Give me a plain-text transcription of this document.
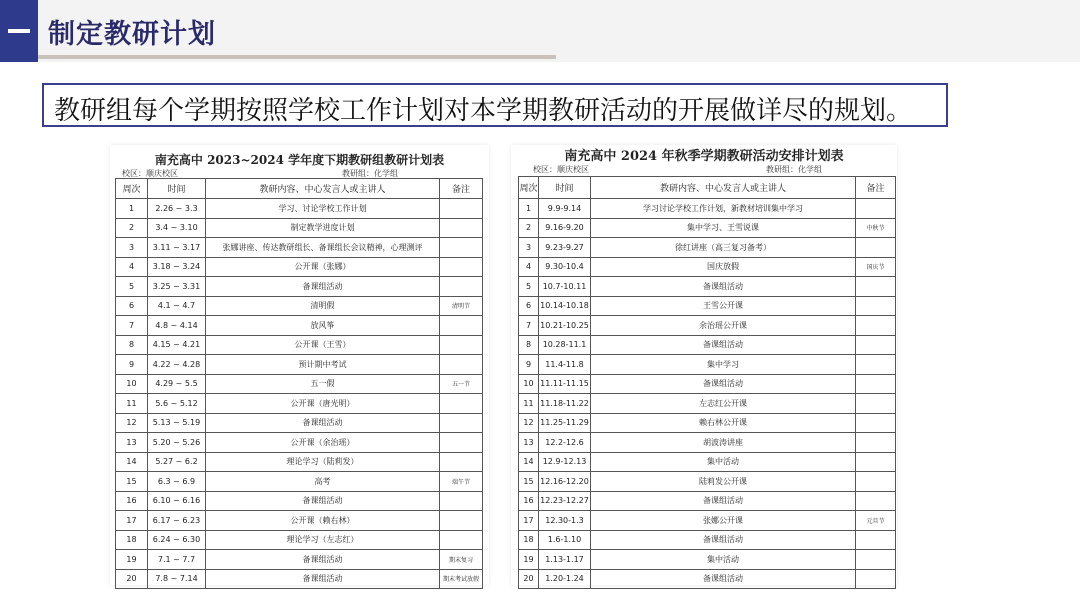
制定教研计划
教研组每个学期按照学校工作计划对本学期教研活动的开展做详尽的规划。
南充高中 2023~2024 学年度下期教研组教研计划表
校区：顺庆校区	教研组：化学组
周次	时间	教研内容、中心发言人或主讲人	备注
1	2.26 ~ 3.3	学习、讨论学校工作计划	
2	3.4 ~ 3.10	制定教学进度计划	
3	3.11 ~ 3.17	张娜讲座、传达教研组长、备课组长会议精神，心理测评	
4	3.18 ~ 3.24	公开课（张娜）	
5	3.25 ~ 3.31	备课组活动	
6	4.1 ~ 4.7	清明假	清明节
7	4.8 ~ 4.14	放风筝	
8	4.15 ~ 4.21	公开课（王雪）	
9	4.22 ~ 4.28	预计期中考试	
10	4.29 ~ 5.5	五一假	五一节
11	5.6 ~ 5.12	公开课（唐光明）	
12	5.13 ~ 5.19	备课组活动	
13	5.20 ~ 5.26	公开课（余治瑶）	
14	5.27 ~ 6.2	理论学习（陆莉发）	
15	6.3 ~ 6.9	高考	端午节
16	6.10 ~ 6.16	备课组活动	
17	6.17 ~ 6.23	公开课（赖右林）	
18	6.24 ~ 6.30	理论学习（左志红）	
19	7.1 ~ 7.7	备课组活动	期末复习
20	7.8 ~ 7.14	备课组活动	期末考试放假
南充高中 2024 年秋季学期教研活动安排计划表
校区：顺庆校区	教研组：化学组
周次	时间	教研内容、中心发言人或主讲人	备注
1	9.9-9.14	学习讨论学校工作计划，新教材培训集中学习	
2	9.16-9.20	集中学习、王雪说课	中秋节
3	9.23-9.27	徐红讲座（高三复习备考）	
4	9.30-10.4	国庆放假	国庆节
5	10.7-10.11	备课组活动	
6	10.14-10.18	王雪公开课	
7	10.21-10.25	余治瑶公开课	
8	10.28-11.1	备课组活动	
9	11.4-11.8	集中学习	
10	11.11-11.15	备课组活动	
11	11.18-11.22	左志红公开课	
12	11.25-11.29	赖右林公开课	
13	12.2-12.6	胡波涛讲座	
14	12.9-12.13	集中活动	
15	12.16-12.20	陆莉发公开课	
16	12.23-12.27	备课组活动	
17	12.30-1.3	张娜公开课	元旦节
18	1.6-1.10	备课组活动	
19	1.13-1.17	集中活动	
20	1.20-1.24	备课组活动	
